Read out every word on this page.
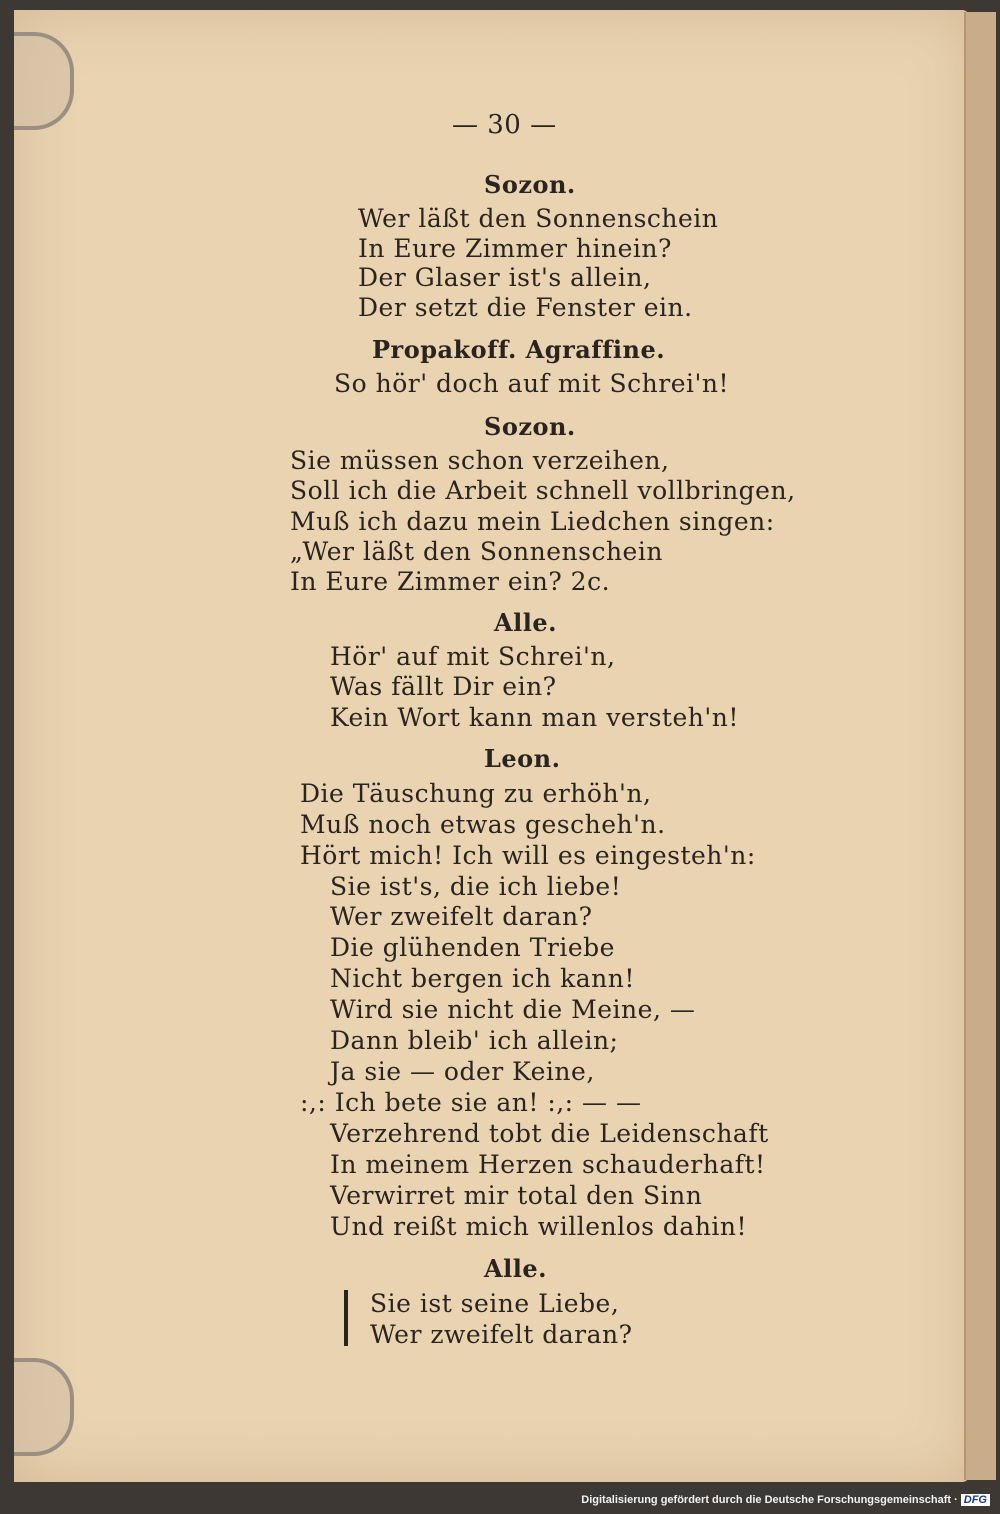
— 30 —
Sozon.
Wer läßt den Sonnenschein
In Eure Zimmer hinein?
Der Glaser ist's allein,
Der setzt die Fenster ein.
Propakoff. Agraffine.
So hör' doch auf mit Schrei'n!
Sozon.
Sie müssen schon verzeihen,
Soll ich die Arbeit schnell vollbringen,
Muß ich dazu mein Liedchen singen:
„Wer läßt den Sonnenschein
In Eure Zimmer ein? 2c.
Alle.
Hör' auf mit Schrei'n,
Was fällt Dir ein?
Kein Wort kann man versteh'n!
Leon.
Die Täuschung zu erhöh'n,
Muß noch etwas gescheh'n.
Hört mich! Ich will es eingesteh'n:
Sie ist's, die ich liebe!
Wer zweifelt daran?
Die glühenden Triebe
Nicht bergen ich kann!
Wird sie nicht die Meine, —
Dann bleib' ich allein;
Ja sie — oder Keine,
:,: Ich bete sie an! :,: — —
Verzehrend tobt die Leidenschaft
In meinem Herzen schauderhaft!
Verwirret mir total den Sinn
Und reißt mich willenlos dahin!
Alle.
Sie ist seine Liebe,
Wer zweifelt daran?
Digitalisierung gefördert durch die Deutsche Forschungsgemeinschaft · DFG
